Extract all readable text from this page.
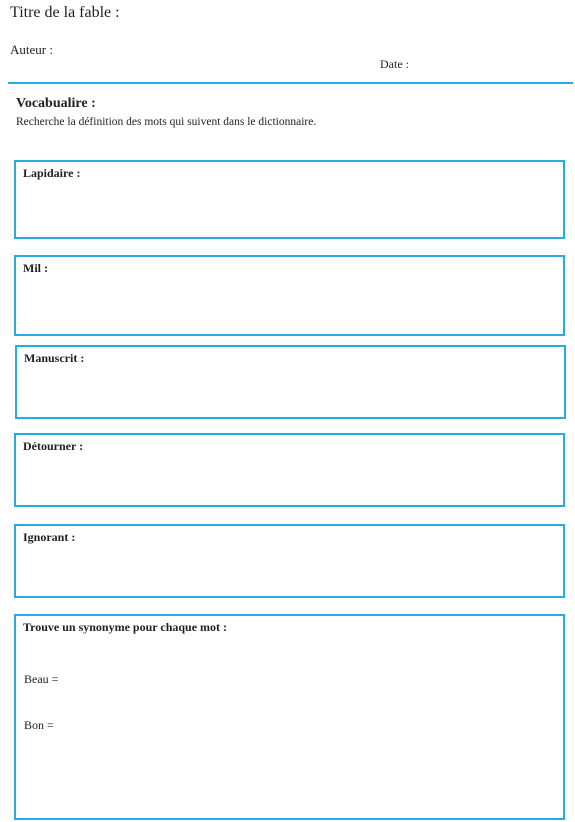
Titre de la fable :
Auteur :
Date :
Vocabualire :
Recherche la définition des mots qui suivent dans le dictionnaire.
Lapidaire :
Mil :
Manuscrit :
Détourner :
Ignorant :
Trouve un synonyme pour chaque mot :
Beau =
Bon =
